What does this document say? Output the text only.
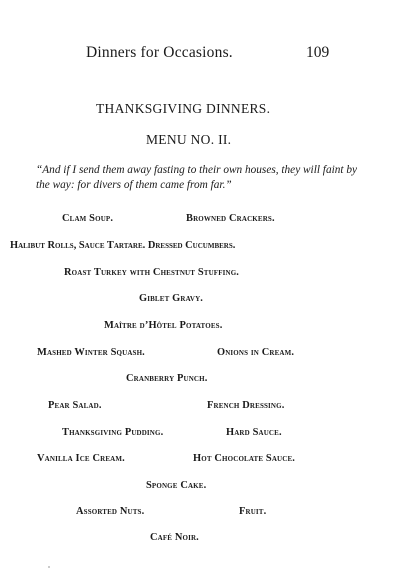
Dinners for Occasions.	109
THANKSGIVING DINNERS.
MENU NO. II.
“And if I send them away fasting to their own houses, they will faint by the way: for divers of them came from far.”
Clam Soup.	Browned Crackers.
Halibut Rolls, Sauce Tartare. Dressed Cucumbers.
Roast Turkey with Chestnut Stuffing.
Giblet Gravy.
Maître d’Hôtel Potatoes.
Mashed Winter Squash.	Onions in Cream.
Cranberry Punch.
Pear Salad.	French Dressing.
Thanksgiving Pudding.	Hard Sauce.
Vanilla Ice Cream.	Hot Chocolate Sauce.
Sponge Cake.
Assorted Nuts.	Fruit.
Café Noir.
